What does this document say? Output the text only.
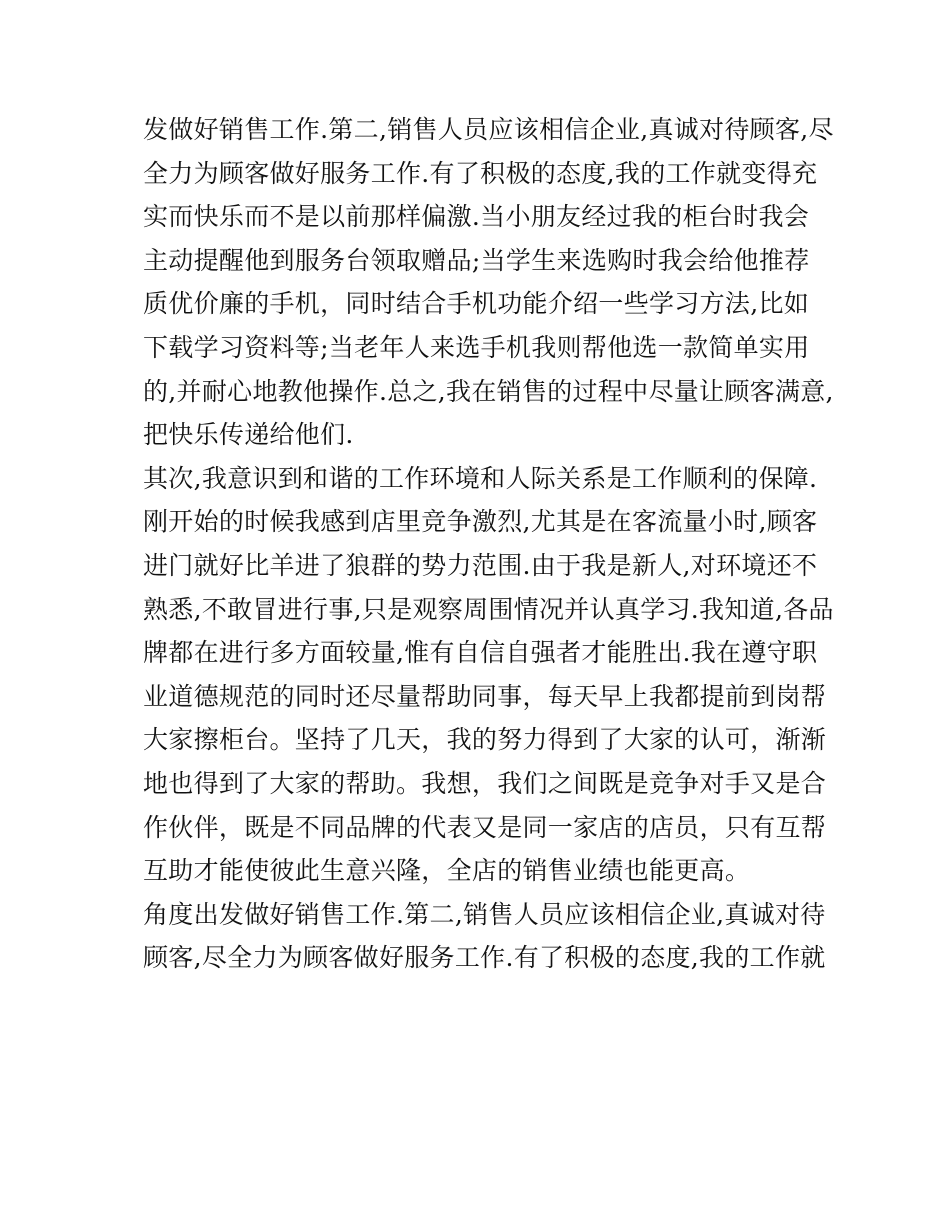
发做好销售工作.第二,销售人员应该相信企业,真诚对待顾客,尽
全力为顾客做好服务工作.有了积极的态度,我的工作就变得充
实而快乐而不是以前那样偏激.当小朋友经过我的柜台时我会
主动提醒他到服务台领取赠品;当学生来选购时我会给他推荐
质优价廉的手机，同时结合手机功能介绍一些学习方法,比如
下载学习资料等;当老年人来选手机我则帮他选一款简单实用
的,并耐心地教他操作.总之,我在销售的过程中尽量让顾客满意,
把快乐传递给他们.
其次,我意识到和谐的工作环境和人际关系是工作顺利的保障.
刚开始的时候我感到店里竞争激烈,尤其是在客流量小时,顾客
进门就好比羊进了狼群的势力范围.由于我是新人,对环境还不
熟悉,不敢冒进行事,只是观察周围情况并认真学习.我知道,各品
牌都在进行多方面较量,惟有自信自强者才能胜出.我在遵守职
业道德规范的同时还尽量帮助同事，每天早上我都提前到岗帮
大家擦柜台。坚持了几天，我的努力得到了大家的认可，渐渐
地也得到了大家的帮助。我想，我们之间既是竞争对手又是合
作伙伴，既是不同品牌的代表又是同一家店的店员，只有互帮
互助才能使彼此生意兴隆，全店的销售业绩也能更高。
角度出发做好销售工作.第二,销售人员应该相信企业,真诚对待
顾客,尽全力为顾客做好服务工作.有了积极的态度,我的工作就
